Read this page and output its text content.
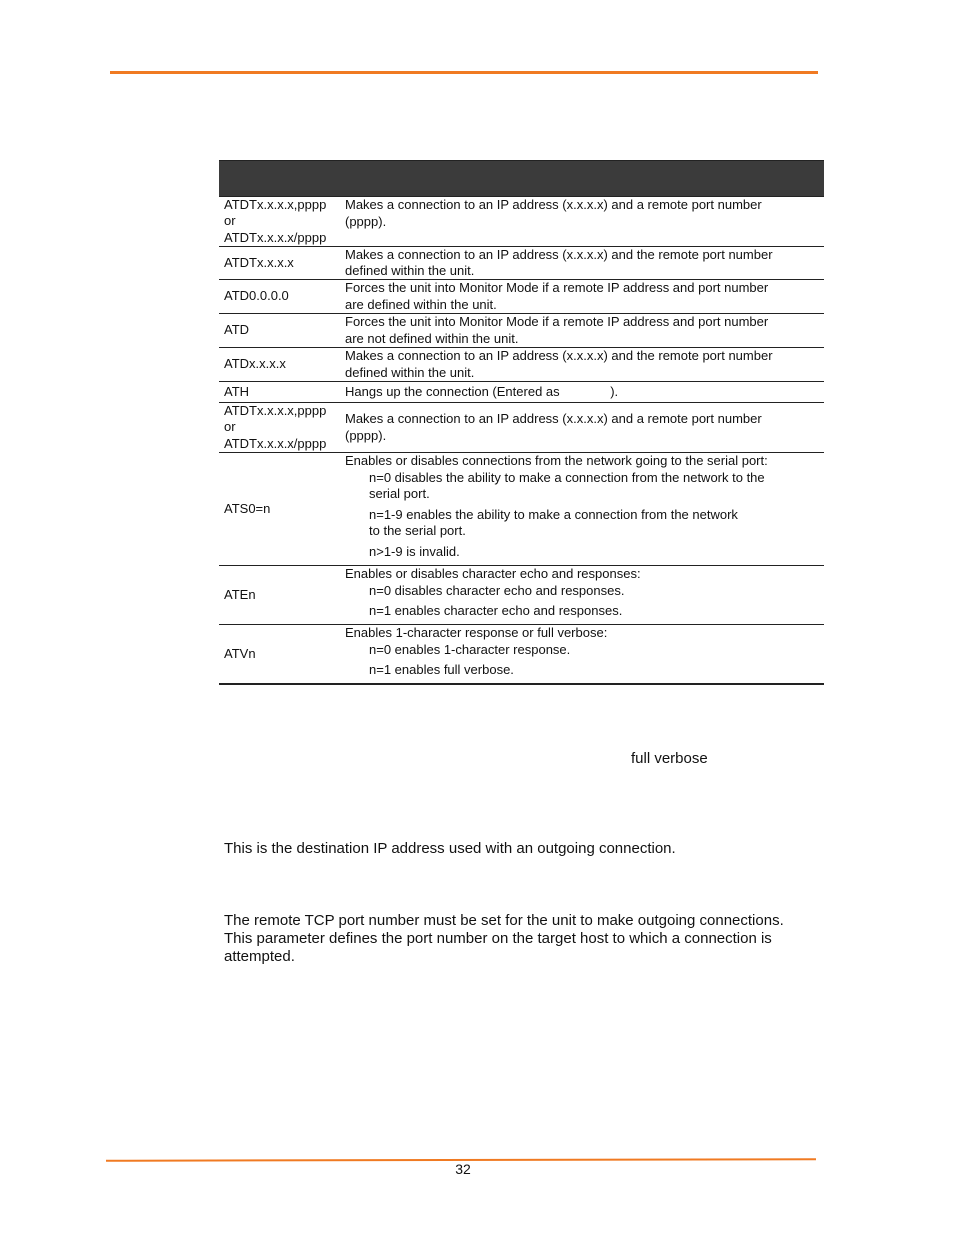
ATDTx.x.x.x,pppp
or
ATDTx.x.x.x/pppp
Makes a connection to an IP address (x.x.x.x) and a remote port number
(pppp).
ATDTx.x.x.x
Makes a connection to an IP address (x.x.x.x) and the remote port number
defined within the unit.
ATD0.0.0.0
Forces the unit into Monitor Mode if a remote IP address and port number
are defined within the unit.
ATD
Forces the unit into Monitor Mode if a remote IP address and port number
are not defined within the unit.
ATDx.x.x.x
Makes a connection to an IP address (x.x.x.x) and the remote port number
defined within the unit.
ATH	Hangs up the connection (Entered as              ).
ATDTx.x.x.x,pppp
or
ATDTx.x.x.x/pppp
Makes a connection to an IP address (x.x.x.x) and a remote port number
(pppp).
ATS0=n
Enables or disables connections from the network going to the serial port:
n=0 disables the ability to make a connection from the network to the
serial port.
n=1-9 enables the ability to make a connection from the network
to the serial port.
n>1-9 is invalid.
ATEn
Enables or disables character echo and responses:
n=0 disables character echo and responses.
n=1 enables character echo and responses.
ATVn
Enables 1-character response or full verbose:
n=0 enables 1-character response.
n=1 enables full verbose.
full verbose
This is the destination IP address used with an outgoing connection.
The remote TCP port number must be set for the unit to make outgoing connections.
This parameter defines the port number on the target host to which a connection is
attempted.
32
